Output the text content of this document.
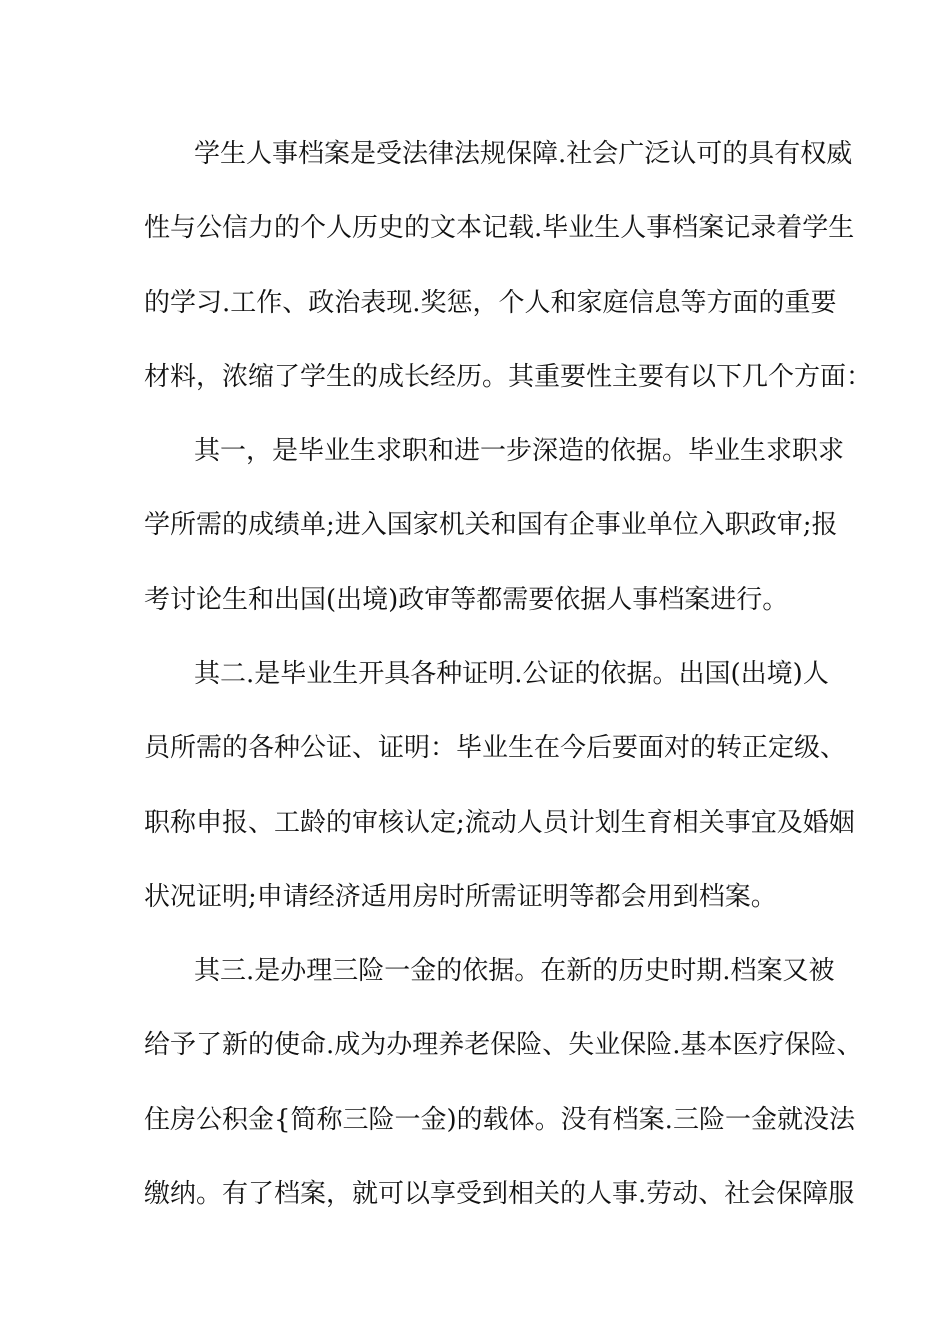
学生人事档案是受法律法规保障.社会广泛认可的具有权威
性与公信力的个人历史的文本记载.毕业生人事档案记录着学生
的学习.工作、政治表现.奖惩，个人和家庭信息等方面的重要
材料，浓缩了学生的成长经历。其重要性主要有以下几个方面：
其一，是毕业生求职和进一步深造的依据。毕业生求职求
学所需的成绩单;进入国家机关和国有企事业单位入职政审;报
考讨论生和出国(出境)政审等都需要依据人事档案进行。
其二.是毕业生开具各种证明.公证的依据。出国(出境)人
员所需的各种公证、证明：毕业生在今后要面对的转正定级、
职称申报、工龄的审核认定;流动人员计划生育相关事宜及婚姻
状况证明;申请经济适用房时所需证明等都会用到档案。
其三.是办理三险一金的依据。在新的历史时期.档案又被
给予了新的使命.成为办理养老保险、失业保险.基本医疗保险、
住房公积金{简称三险一金)的载体。没有档案.三险一金就没法
缴纳。有了档案，就可以享受到相关的人事.劳动、社会保障服
